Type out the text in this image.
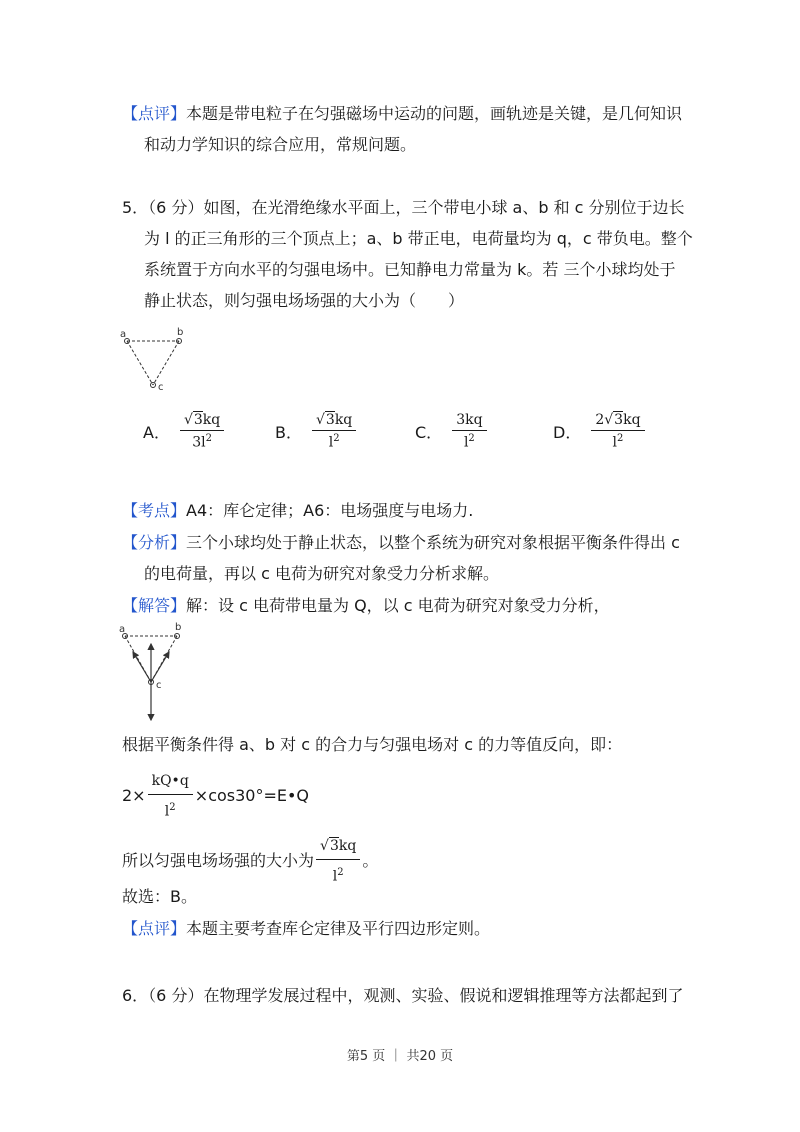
【点评】本题是带电粒子在匀强磁场中运动的问题，画轨迹是关键，是几何知识
和动力学知识的综合应用，常规问题。
5．（6 分）如图，在光滑绝缘水平面上，三个带电小球 a、b 和 c 分别位于边长
为 l 的正三角形的三个顶点上；a、b 带正电，电荷量均为 q，c 带负电。整个
系统置于方向水平的匀强电场中。已知静电力常量为 k。若 三个小球均处于
静止状态，则匀强电场场强的大小为（　　）
a	b
c
A． $\frac{√3kq}{3l^2}$	B． $\frac{√3kq}{l^2}$	C． $\frac{3kq}{l^2}$	D． $\frac{2√3kq}{l^2}$
【考点】A4：库仑定律；A6：电场强度与电场力.
【分析】三个小球均处于静止状态，以整个系统为研究对象根据平衡条件得出 c
的电荷量，再以 c 电荷为研究对象受力分析求解。
【解答】解：设 c 电荷带电量为 Q，以 c 电荷为研究对象受力分析，
a	b
c
根据平衡条件得 a、b 对 c 的合力与匀强电场对 c 的力等值反向，即：
$2\times \frac{kQ•q}{l^2}$ ×cos30°=E•Q
所以匀强电场场强的大小为 $\frac{√3kq}{l^2}$ 。
故选：B。
【点评】本题主要考查库仑定律及平行四边形定则。
6．（6 分）在物理学发展过程中，观测、实验、假说和逻辑推理等方法都起到了
第5 页 ｜ 共20 页
